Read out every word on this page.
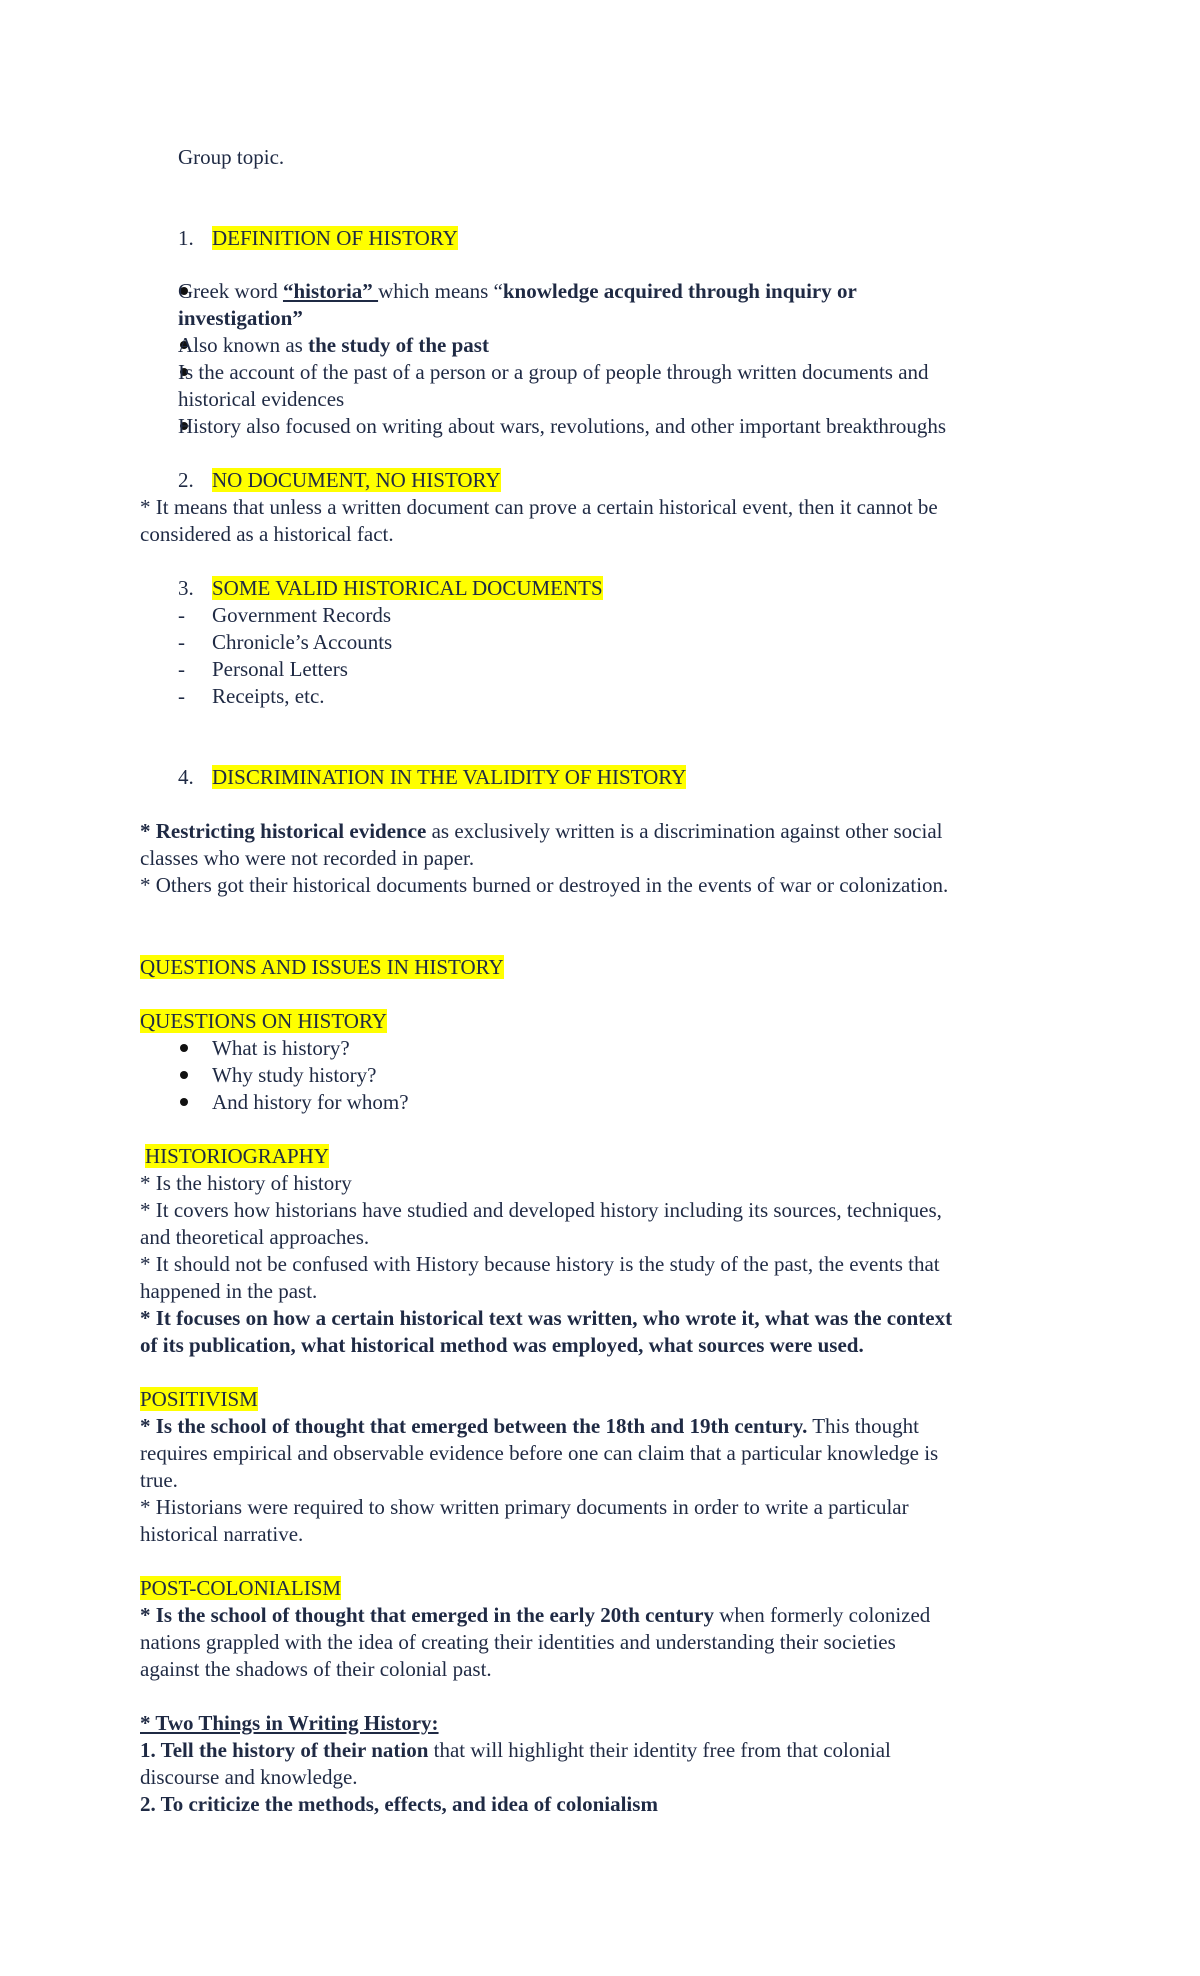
Group topic.
1. DEFINITION OF HISTORY
Greek word “historia” which means “knowledge acquired through inquiry or
investigation”
Also known as the study of the past
Is the account of the past of a person or a group of people through written documents and
historical evidences
History also focused on writing about wars, revolutions, and other important breakthroughs
2. NO DOCUMENT, NO HISTORY
* It means that unless a written document can prove a certain historical event, then it cannot be
considered as a historical fact.
3. SOME VALID HISTORICAL DOCUMENTS
- Government Records
- Chronicle’s Accounts
- Personal Letters
- Receipts, etc.
4. DISCRIMINATION IN THE VALIDITY OF HISTORY
* Restricting historical evidence as exclusively written is a discrimination against other social
classes who were not recorded in paper.
* Others got their historical documents burned or destroyed in the events of war or colonization.
QUESTIONS AND ISSUES IN HISTORY
QUESTIONS ON HISTORY
What is history?
Why study history?
And history for whom?
HISTORIOGRAPHY
* Is the history of history
* It covers how historians have studied and developed history including its sources, techniques,
and theoretical approaches.
* It should not be confused with History because history is the study of the past, the events that
happened in the past.
* It focuses on how a certain historical text was written, who wrote it, what was the context
of its publication, what historical method was employed, what sources were used.
POSITIVISM
* Is the school of thought that emerged between the 18th and 19th century. This thought
requires empirical and observable evidence before one can claim that a particular knowledge is
true.
* Historians were required to show written primary documents in order to write a particular
historical narrative.
POST-COLONIALISM
* Is the school of thought that emerged in the early 20th century when formerly colonized
nations grappled with the idea of creating their identities and understanding their societies
against the shadows of their colonial past.
* Two Things in Writing History:
1. Tell the history of their nation that will highlight their identity free from that colonial
discourse and knowledge.
2. To criticize the methods, effects, and idea of colonialism
